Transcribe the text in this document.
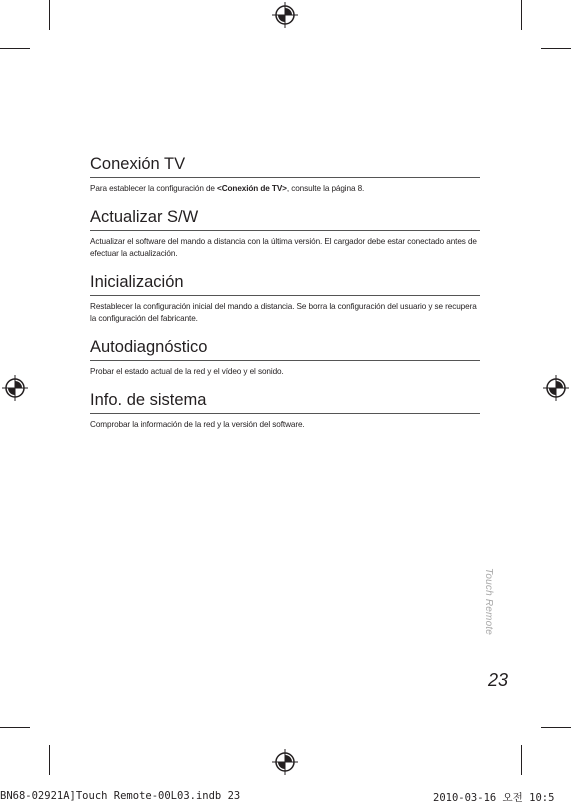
Conexión TV

Para establecer la configuración de <Conexión de TV>, consulte la página 8.

Actualizar S/W

Actualizar el software del mando a distancia con la última versión. El cargador debe estar conectado antes de efectuar la actualización.

Inicialización

Restablecer la configuración inicial del mando a distancia. Se borra la configuración del usuario y se recupera la configuración del fabricante.

Autodiagnóstico

Probar el estado actual de la red y el vídeo y el sonido.

Info. de sistema

Comprobar la información de la red y la versión del software.

Touch Remote
23
BN68-02921A]Touch Remote-00L03.indb 23	2010-03-16 오전 10:5
